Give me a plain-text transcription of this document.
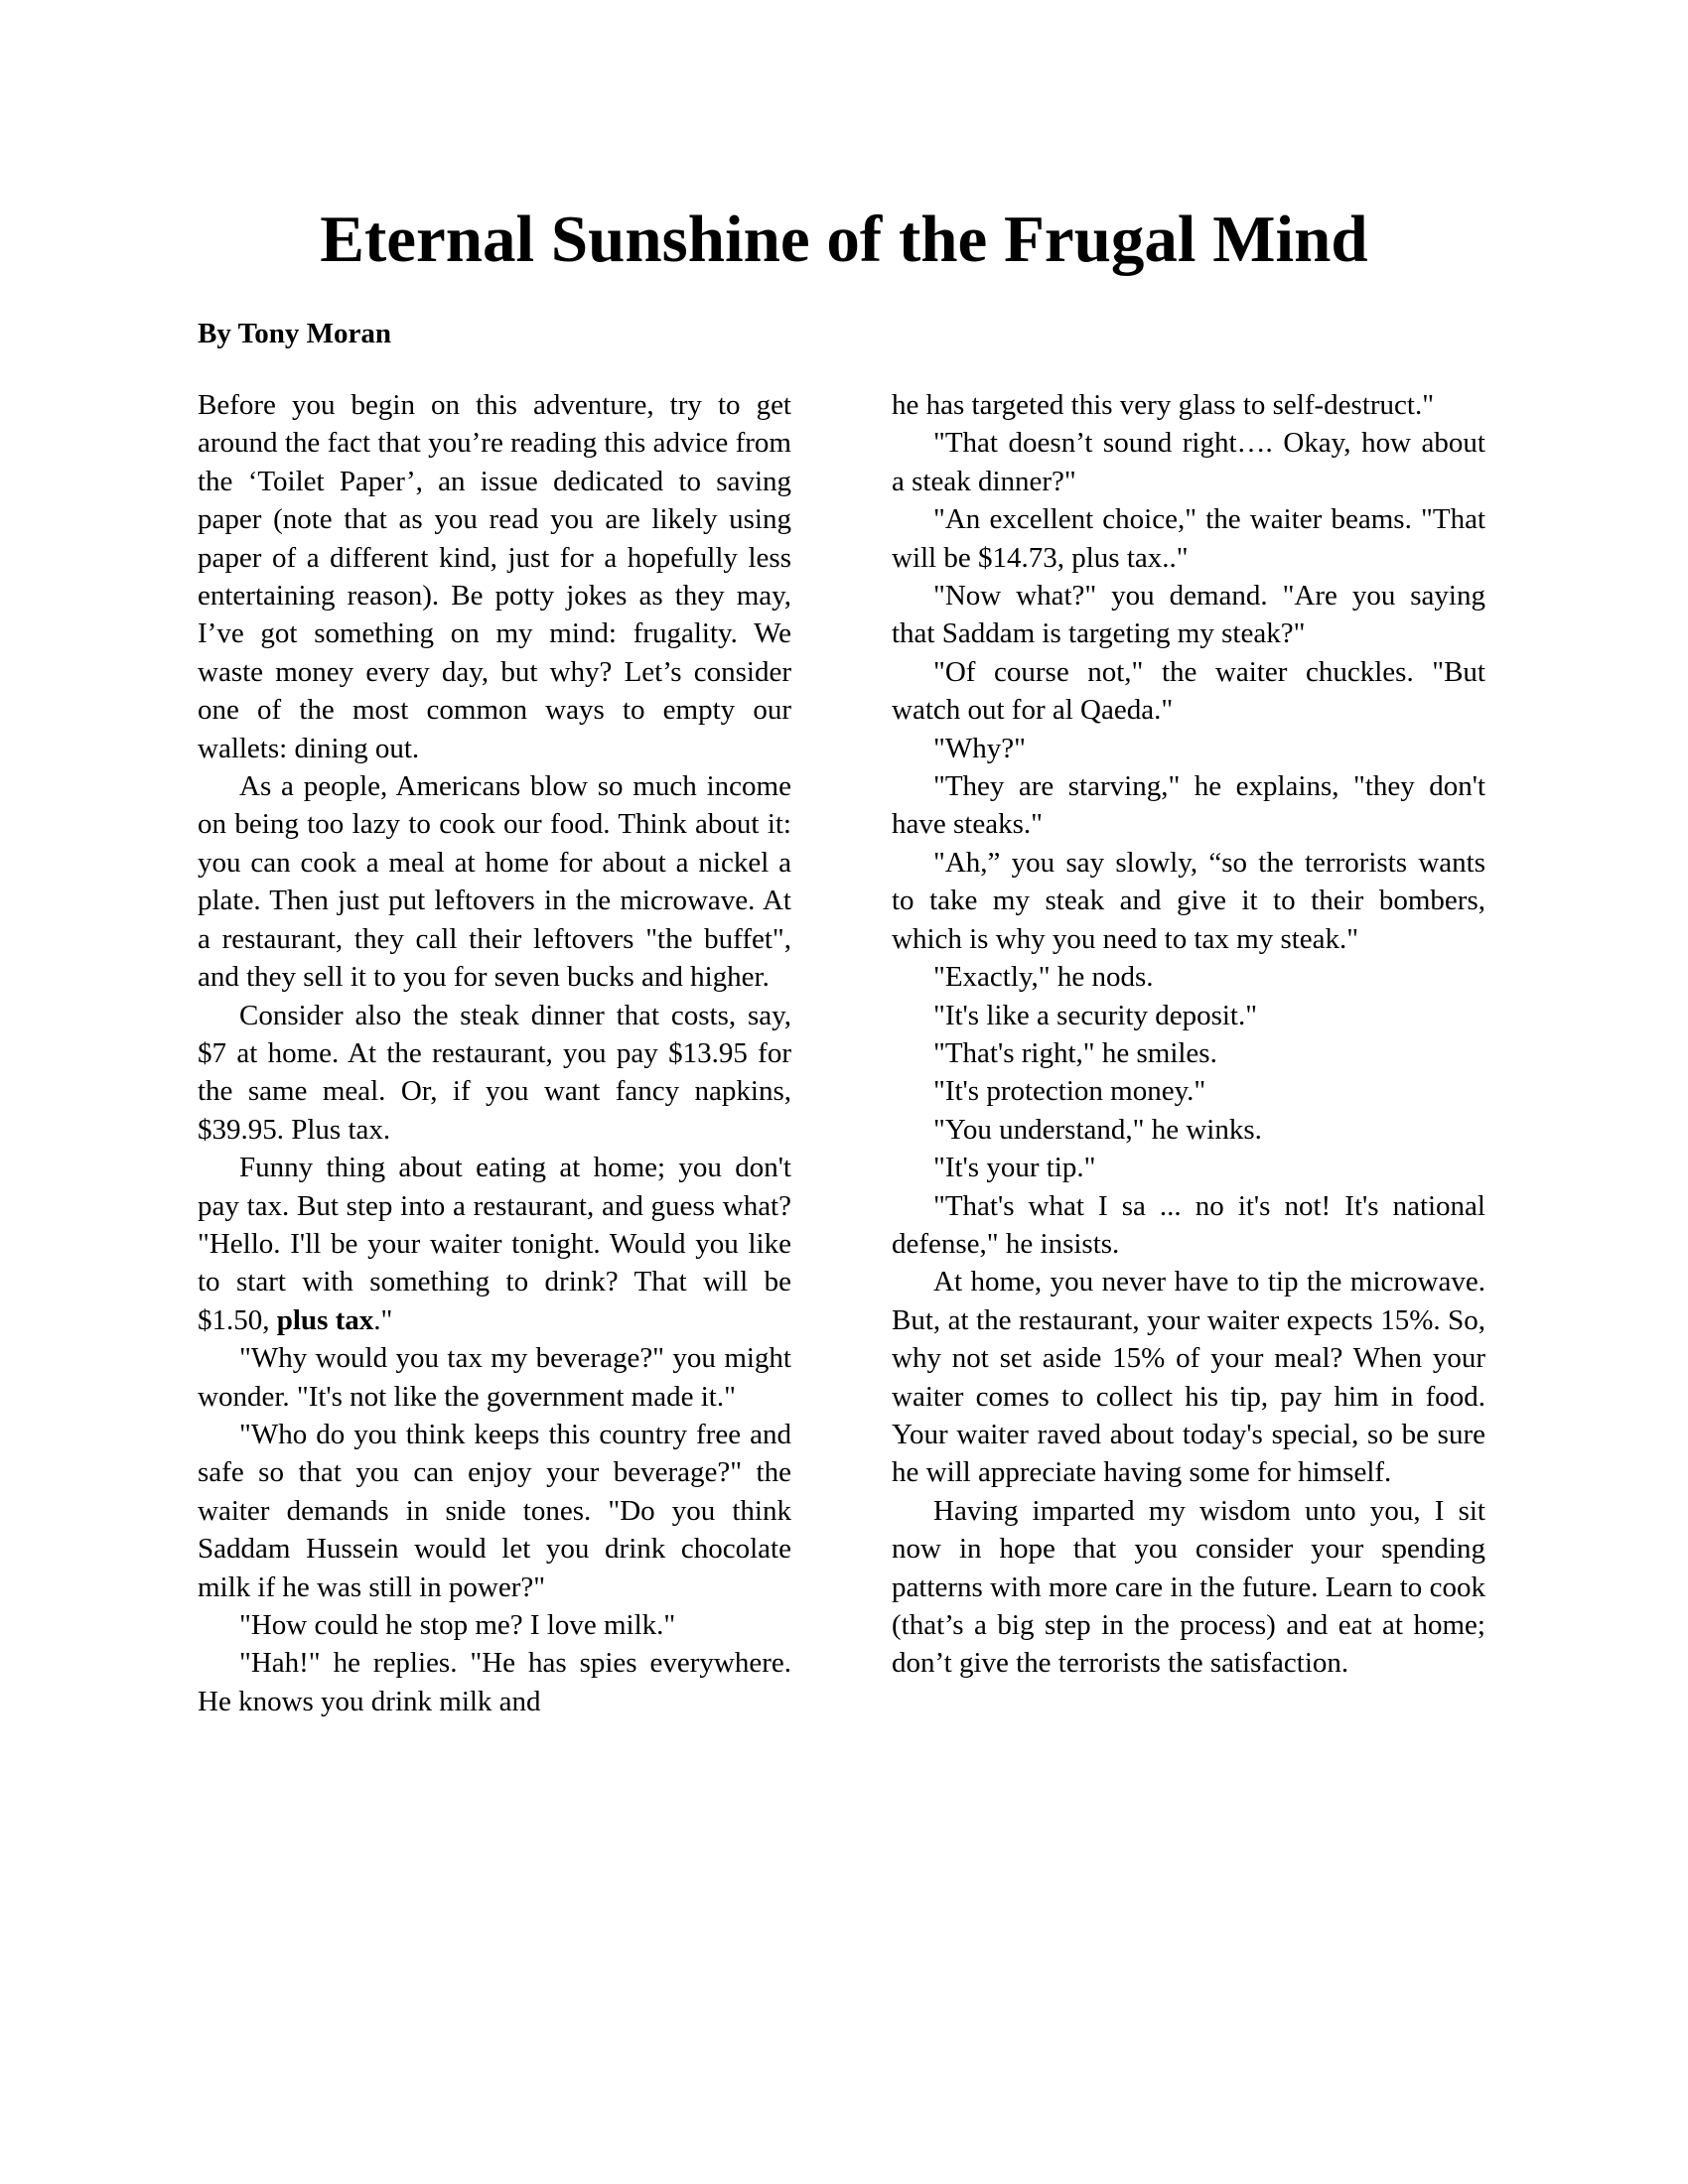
Eternal Sunshine of the Frugal Mind

By Tony Moran

Before you begin on this adventure, try to get around the fact that you’re reading this advice from the ‘Toilet Paper’, an issue dedicated to saving paper (note that as you read you are likely using paper of a different kind, just for a hopefully less entertaining reason). Be potty jokes as they may, I’ve got something on my mind: frugality. We waste money every day, but why? Let’s consider one of the most common ways to empty our wallets: dining out.

As a people, Americans blow so much income on being too lazy to cook our food. Think about it: you can cook a meal at home for about a nickel a plate. Then just put leftovers in the microwave. At a restaurant, they call their leftovers "the buffet", and they sell it to you for seven bucks and higher.

Consider also the steak dinner that costs, say, $7 at home. At the restaurant, you pay $13.95 for the same meal. Or, if you want fancy napkins, $39.95. Plus tax.

Funny thing about eating at home; you don't pay tax. But step into a restaurant, and guess what? "Hello. I'll be your waiter tonight. Would you like to start with something to drink? That will be $1.50, plus tax."

"Why would you tax my beverage?" you might wonder. "It's not like the government made it."

"Who do you think keeps this country free and safe so that you can enjoy your beverage?" the waiter demands in snide tones. "Do you think Saddam Hussein would let you drink chocolate milk if he was still in power?"

"How could he stop me? I love milk."

"Hah!" he replies. "He has spies everywhere. He knows you drink milk and

he has targeted this very glass to self-destruct."

"That doesn’t sound right…. Okay, how about a steak dinner?"

"An excellent choice," the waiter beams. "That will be $14.73, plus tax.."

"Now what?" you demand. "Are you saying that Saddam is targeting my steak?"

"Of course not," the waiter chuckles. "But watch out for al Qaeda."

"Why?"

"They are starving," he explains, "they don't have steaks."

"Ah,” you say slowly, “so the terrorists wants to take my steak and give it to their bombers, which is why you need to tax my steak."

"Exactly," he nods.

"It's like a security deposit."

"That's right," he smiles.

"It's protection money."

"You understand," he winks.

"It's your tip."

"That's what I sa ... no it's not! It's national defense," he insists.

At home, you never have to tip the microwave. But, at the restaurant, your waiter expects 15%. So, why not set aside 15% of your meal? When your waiter comes to collect his tip, pay him in food. Your waiter raved about today's special, so be sure he will appreciate having some for himself.

Having imparted my wisdom unto you, I sit now in hope that you consider your spending patterns with more care in the future. Learn to cook (that’s a big step in the process) and eat at home; don’t give the terrorists the satisfaction.
